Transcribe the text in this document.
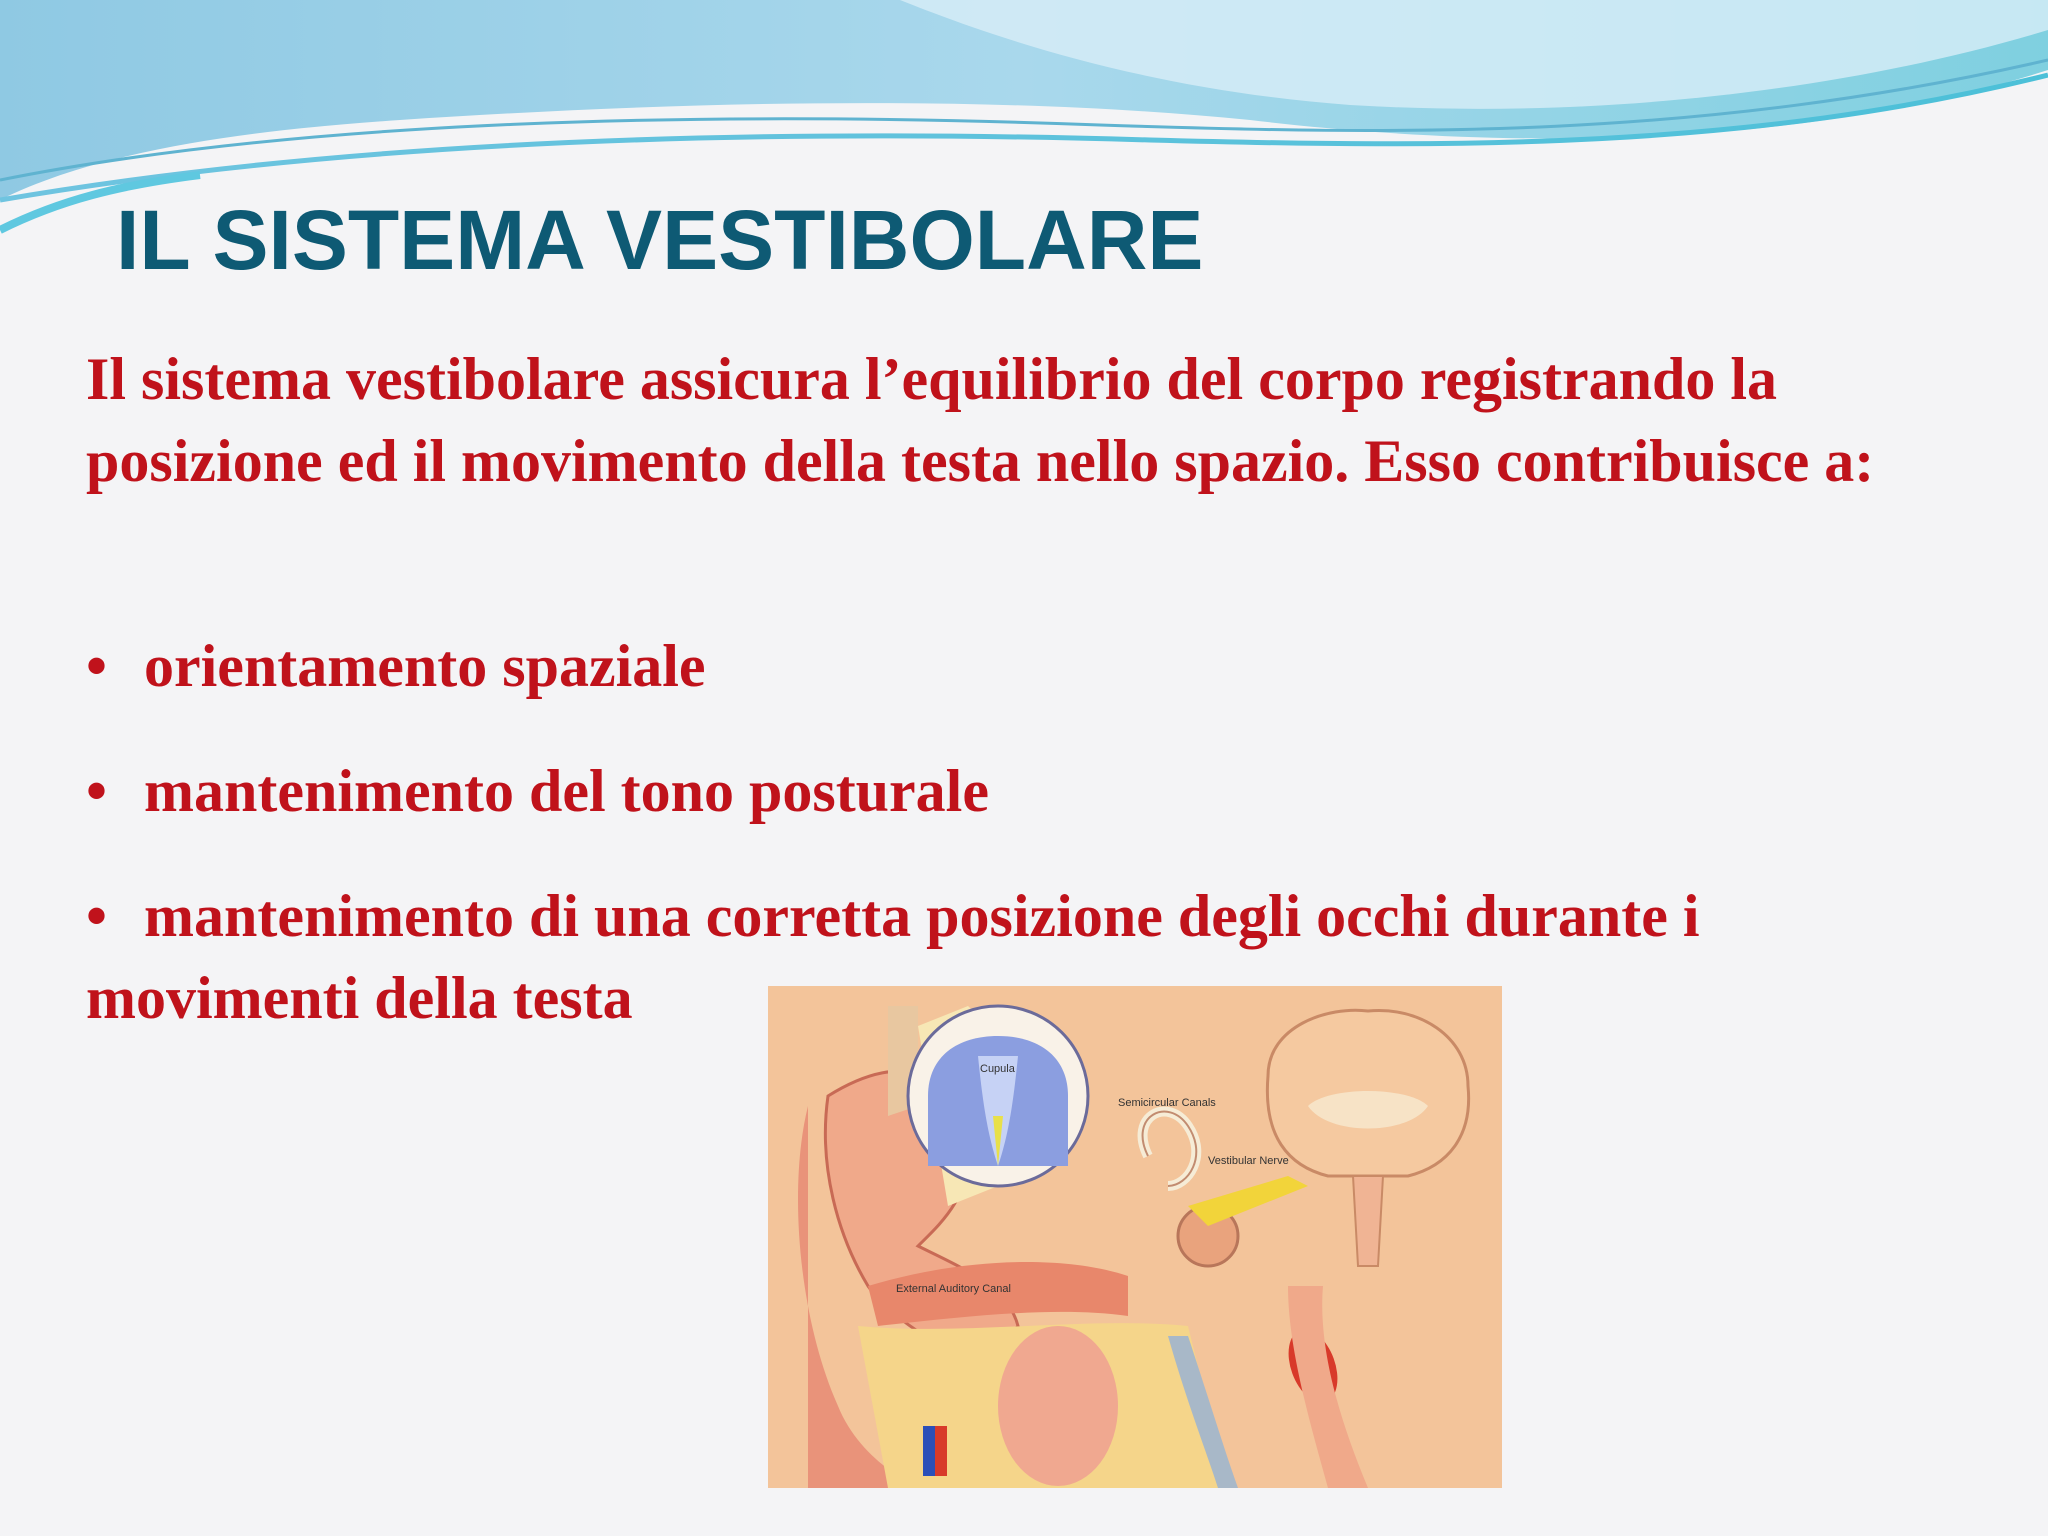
IL SISTEMA VESTIBOLARE
Il sistema vestibolare assicura l’equilibrio del corpo registrando la posizione ed il movimento della testa nello spazio. Esso contribuisce a:
• orientamento spaziale
• mantenimento del tono posturale
• mantenimento di una corretta posizione degli occhi durante i movimenti della testa
Cupula
Semicircular Canals
Vestibular Nerve
External Auditory Canal
